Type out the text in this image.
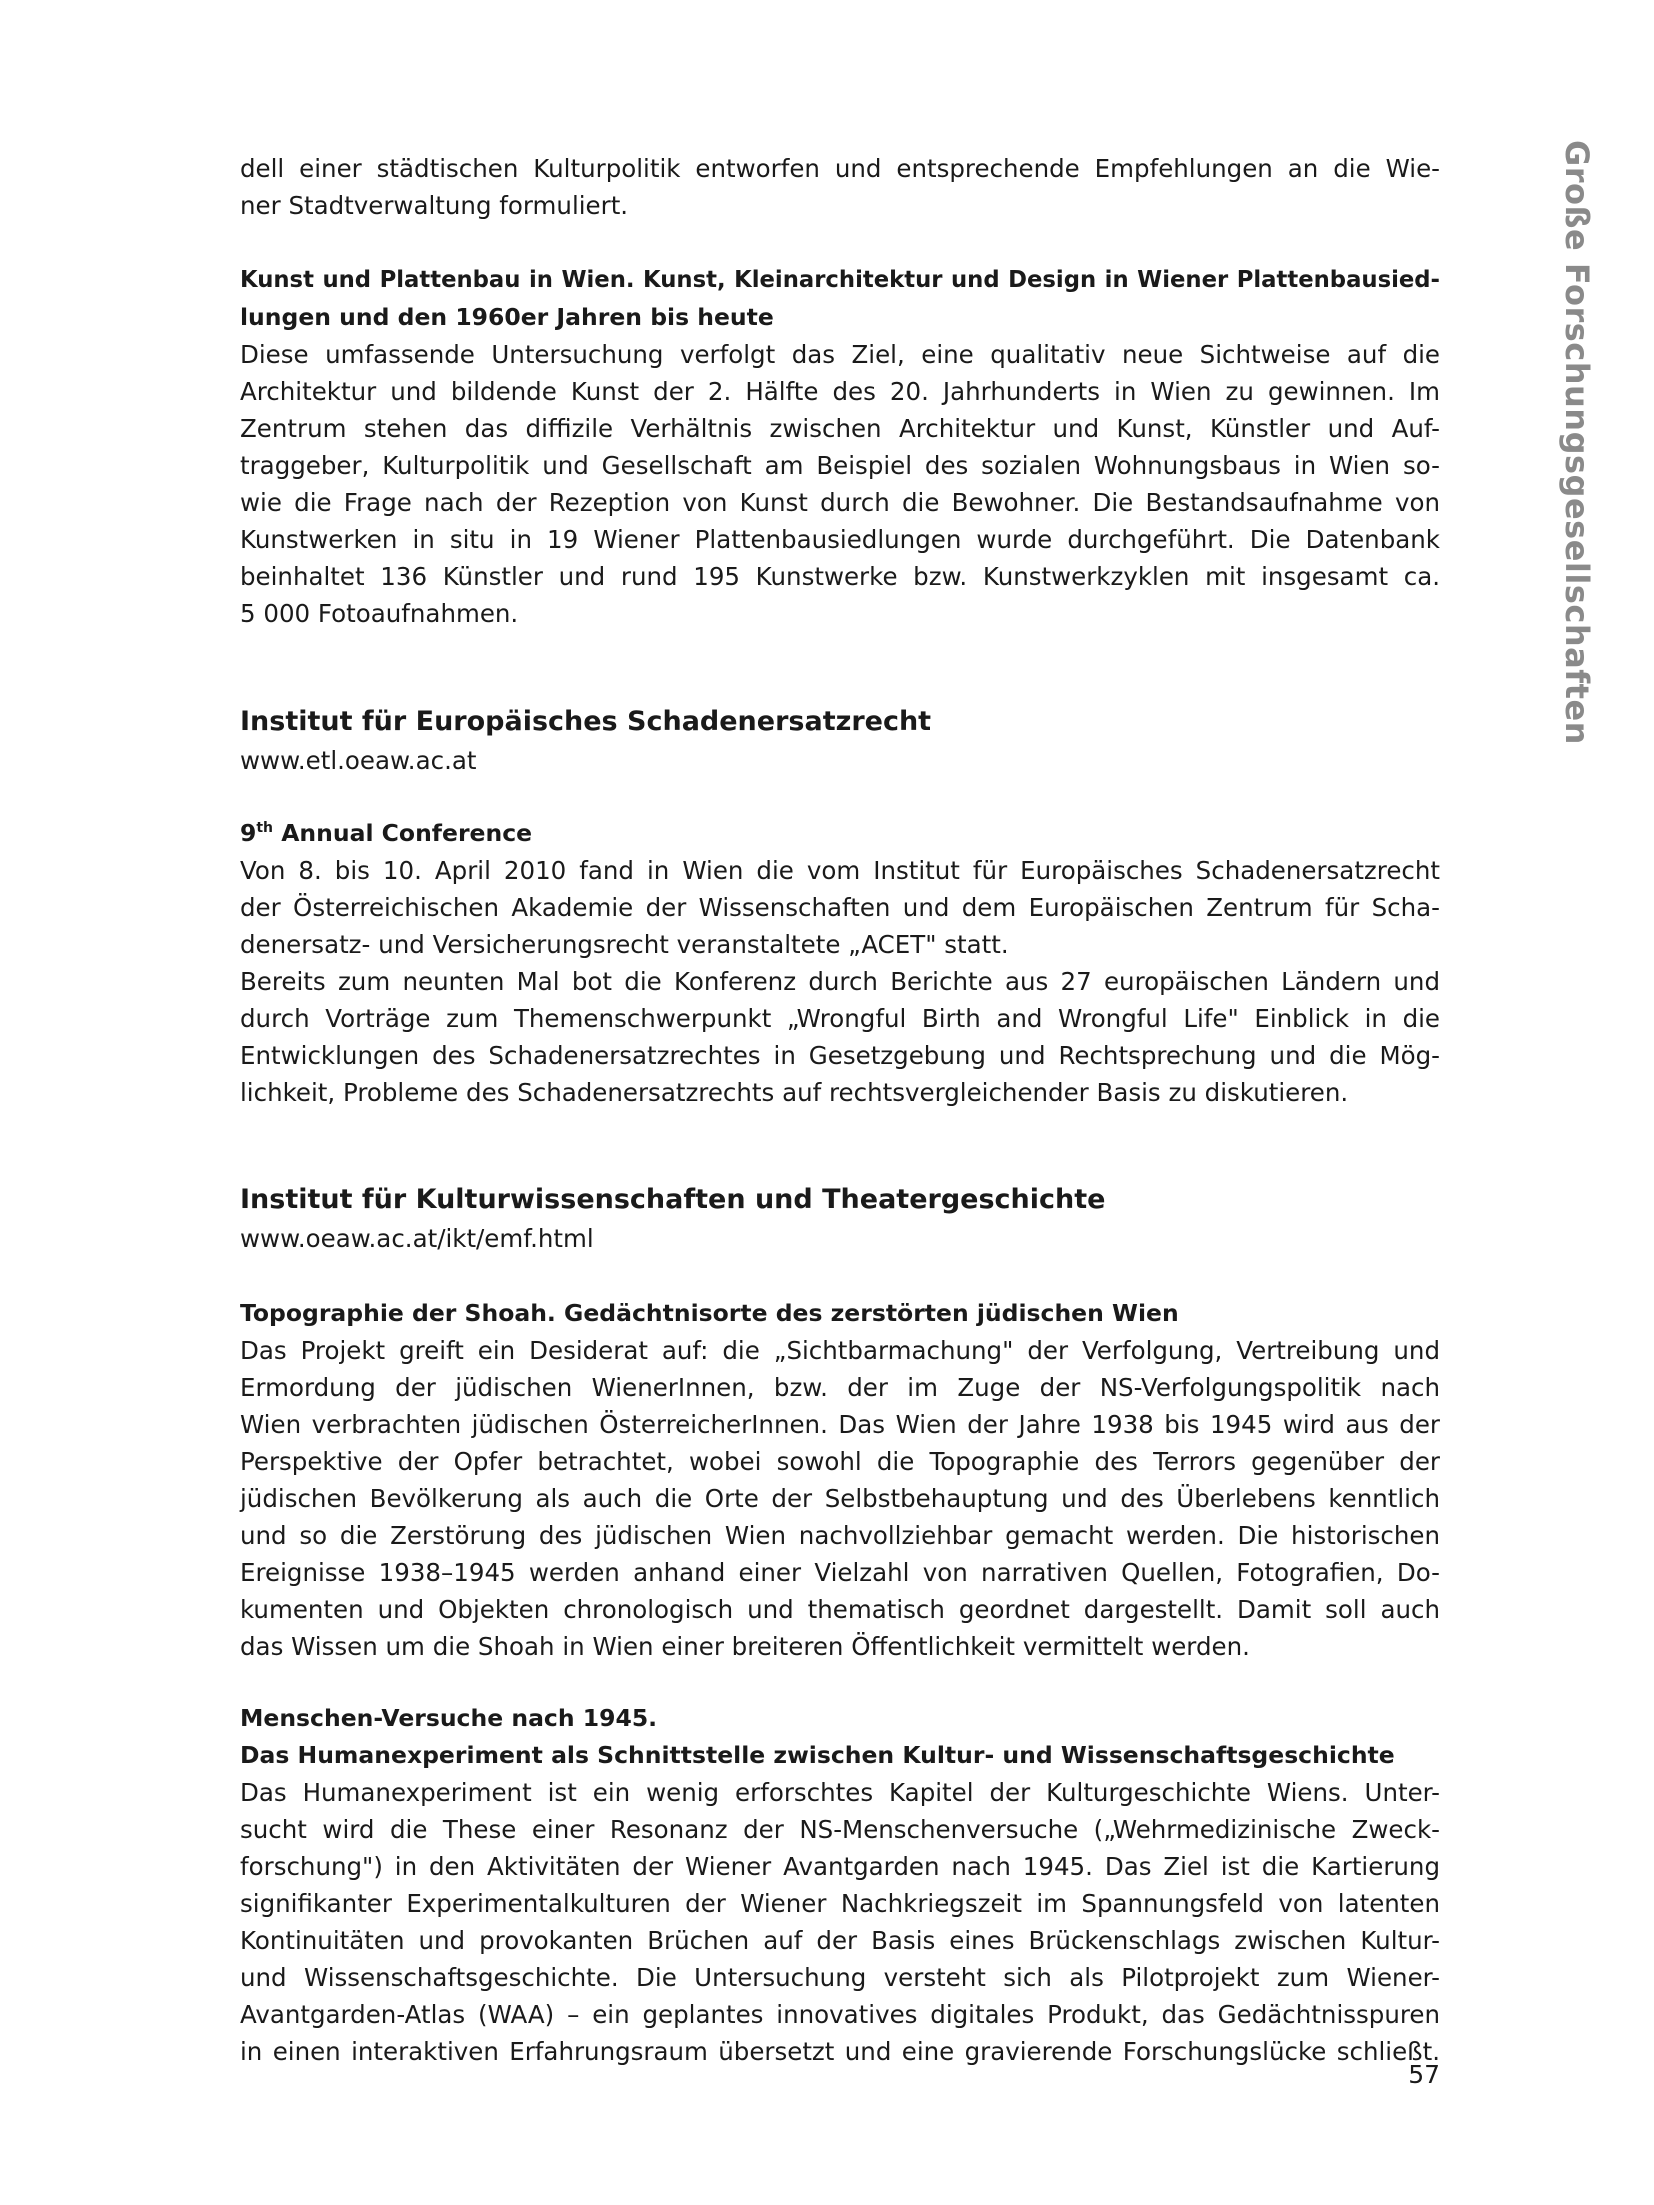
Große Forschungsgesellschaften
dell einer städtischen Kulturpolitik entworfen und entsprechende Empfehlungen an die Wie-
ner Stadtverwaltung formuliert.
Kunst und Plattenbau in Wien. Kunst, Kleinarchitektur und Design in Wiener Plattenbausied-
lungen und den 1960er Jahren bis heute
Diese umfassende Untersuchung verfolgt das Ziel, eine qualitativ neue Sichtweise auf die
Architektur und bildende Kunst der 2. Hälfte des 20. Jahrhunderts in Wien zu gewinnen. Im
Zentrum stehen das diffizile Verhältnis zwischen Architektur und Kunst, Künstler und Auf-
traggeber, Kulturpolitik und Gesellschaft am Beispiel des sozialen Wohnungsbaus in Wien so-
wie die Frage nach der Rezeption von Kunst durch die Bewohner. Die Bestandsaufnahme von
Kunstwerken in situ in 19 Wiener Plattenbausiedlungen wurde durchgeführt. Die Datenbank
beinhaltet 136 Künstler und rund 195 Kunstwerke bzw. Kunstwerkzyklen mit insgesamt ca.
5 000 Fotoaufnahmen.
Institut für Europäisches Schadenersatzrecht
www.etl.oeaw.ac.at
9th Annual Conference
Von 8. bis 10. April 2010 fand in Wien die vom Institut für Europäisches Schadenersatzrecht
der Österreichischen Akademie der Wissenschaften und dem Europäischen Zentrum für Scha-
denersatz- und Versicherungsrecht veranstaltete „ACET" statt.
Bereits zum neunten Mal bot die Konferenz durch Berichte aus 27 europäischen Ländern und
durch Vorträge zum Themenschwerpunkt „Wrongful Birth and Wrongful Life" Einblick in die
Entwicklungen des Schadenersatzrechtes in Gesetzgebung und Rechtsprechung und die Mög-
lichkeit, Probleme des Schadenersatzrechts auf rechtsvergleichender Basis zu diskutieren.
Institut für Kulturwissenschaften und Theatergeschichte
www.oeaw.ac.at/ikt/emf.html
Topographie der Shoah. Gedächtnisorte des zerstörten jüdischen Wien
Das Projekt greift ein Desiderat auf: die „Sichtbarmachung" der Verfolgung, Vertreibung und
Ermordung der jüdischen WienerInnen, bzw. der im Zuge der NS-Verfolgungspolitik nach
Wien verbrachten jüdischen ÖsterreicherInnen. Das Wien der Jahre 1938 bis 1945 wird aus der
Perspektive der Opfer betrachtet, wobei sowohl die Topographie des Terrors gegenüber der
jüdischen Bevölkerung als auch die Orte der Selbstbehauptung und des Überlebens kenntlich
und so die Zerstörung des jüdischen Wien nachvollziehbar gemacht werden. Die historischen
Ereignisse 1938–1945 werden anhand einer Vielzahl von narrativen Quellen, Fotografien, Do-
kumenten und Objekten chronologisch und thematisch geordnet dargestellt. Damit soll auch
das Wissen um die Shoah in Wien einer breiteren Öffentlichkeit vermittelt werden.
Menschen-Versuche nach 1945.
Das Humanexperiment als Schnittstelle zwischen Kultur- und Wissenschaftsgeschichte
Das Humanexperiment ist ein wenig erforschtes Kapitel der Kulturgeschichte Wiens. Unter-
sucht wird die These einer Resonanz der NS-Menschenversuche („Wehrmedizinische Zweck-
forschung") in den Aktivitäten der Wiener Avantgarden nach 1945. Das Ziel ist die Kartierung
signifikanter Experimentalkulturen der Wiener Nachkriegszeit im Spannungsfeld von latenten
Kontinuitäten und provokanten Brüchen auf der Basis eines Brückenschlags zwischen Kultur-
und Wissenschaftsgeschichte. Die Untersuchung versteht sich als Pilotprojekt zum Wiener-
Avantgarden-Atlas (WAA) – ein geplantes innovatives digitales Produkt, das Gedächtnisspuren
in einen interaktiven Erfahrungsraum übersetzt und eine gravierende Forschungslücke schließt.
57
